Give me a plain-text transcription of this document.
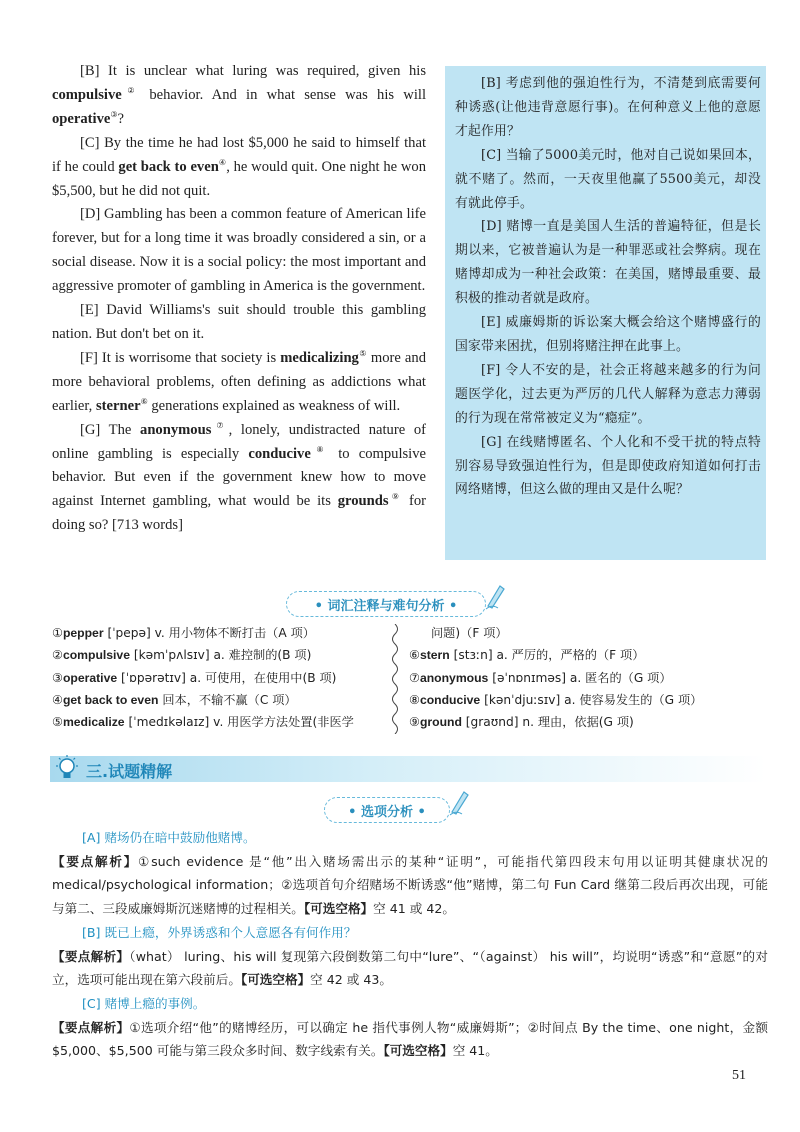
[B] It is unclear what luring was required, given his compulsive② behavior. And in what sense was his will operative③?

[C] By the time he had lost $5,000 he said to himself that if he could get back to even④, he would quit. One night he won $5,500, but he did not quit.

[D] Gambling has been a common feature of American life forever, but for a long time it was broadly considered a sin, or a social disease. Now it is a social policy: the most important and aggressive promoter of gambling in America is the government.

[E] David Williams's suit should trouble this gambling nation. But don't bet on it.

[F] It is worrisome that society is medicalizing⑤ more and more behavioral problems, often defining as addictions what earlier, sterner⑥ generations explained as weakness of will.

[G] The anonymous⑦, lonely, undistracted nature of online gambling is especially conducive⑧ to compulsive behavior. But even if the government knew how to move against Internet gambling, what would be its grounds⑨ for doing so? [713 words]

[B] 考虑到他的强迫性行为，不清楚到底需要何种诱惑(让他违背意愿行事)。在何种意义上他的意愿才起作用？

[C] 当输了5000美元时，他对自己说如果回本，就不赌了。然而，一天夜里他赢了5500美元，却没有就此停手。

[D] 赌博一直是美国人生活的普遍特征，但是长期以来，它被普遍认为是一种罪恶或社会弊病。现在赌博却成为一种社会政策：在美国，赌博最重要、最积极的推动者就是政府。

[E] 威廉姆斯的诉讼案大概会给这个赌博盛行的国家带来困扰，但别将赌注押在此事上。

[F] 令人不安的是，社会正将越来越多的行为问题医学化，过去更为严厉的几代人解释为意志力薄弱的行为现在常常被定义为“瘾症”。

[G] 在线赌博匿名、个人化和不受干扰的特点特别容易导致强迫性行为，但是即使政府知道如何打击网络赌博，但这么做的理由又是什么呢？

• 词汇注释与难句分析 •
①pepper [ˈpepə] v. 用小物体不断打击（A 项）
②compulsive [kəmˈpʌlsɪv] a. 难控制的(B 项)
③operative [ˈɒpərətɪv] a. 可使用，在使用中(B 项)
④get back to even 回本，不输不赢（C 项）
⑤medicalize [ˈmedɪkəlaɪz] v. 用医学方法处置(非医学
问题)（F 项）
⑥stern [stɜːn] a. 严厉的，严格的（F 项）
⑦anonymous [əˈnɒnɪməs] a. 匿名的（G 项）
⑧conducive [kənˈdjuːsɪv] a. 使容易发生的（G 项）
⑨ground [graʊnd] n. 理由，依据(G 项)
三.试题精解
• 选项分析 •

[A] 赌场仍在暗中鼓励他赌博。

【要点解析】①such evidence 是“他”出入赌场需出示的某种“证明”，可能指代第四段末句用以证明其健康状况的 medical/psychological information；②选项首句介绍赌场不断诱惑“他”赌博，第二句 Fun Card 继第二段后再次出现，可能与第二、三段威廉姆斯沉迷赌博的过程相关。【可选空格】空 41 或 42。

[B] 既已上瘾，外界诱惑和个人意愿各有何作用？

【要点解析】（what） luring、his will 复现第六段倒数第二句中“lure”、“（against） his will”，均说明“诱惑”和“意愿”的对立，选项可能出现在第六段前后。【可选空格】空 42 或 43。

[C] 赌博上瘾的事例。

【要点解析】①选项介绍“他”的赌博经历，可以确定 he 指代事例人物“威廉姆斯”；②时间点 By the time、one night，金额 $5,000、$5,500 可能与第三段众多时间、数字线索有关。【可选空格】空 41。

51
